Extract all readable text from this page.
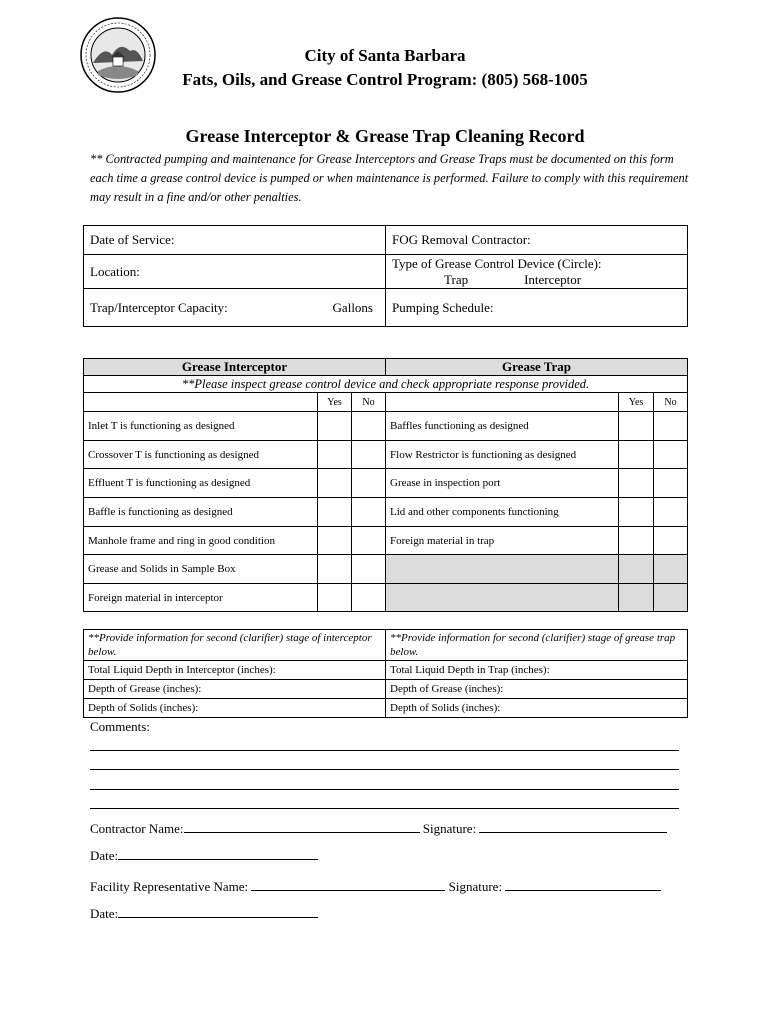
City of Santa Barbara
Fats, Oils, and Grease Control Program: (805) 568-1005
Grease Interceptor & Grease Trap Cleaning Record
** Contracted pumping and maintenance for Grease Interceptors and Grease Traps must be documented on this form each time a grease control device is pumped or when maintenance is performed. Failure to comply with this requirement may result in a fine and/or other penalties.
Date of Service:	FOG Removal Contractor:
Location:	Type of Grease Control Device (Circle):
Trap Interceptor

Trap/Interceptor Capacity: Gallons	Pumping Schedule:
Grease Interceptor			Grease Trap		
**Please inspect grease control device and check appropriate response provided.					
	Yes	No		Yes	No
Inlet T is functioning as designed			Baffles functioning as designed		
Crossover T is functioning as designed			Flow Restrictor is functioning as designed		
Effluent T is functioning as designed			Grease in inspection port		
Baffle is functioning as designed			Lid and other components functioning		
Manhole frame and ring in good condition			Foreign material in trap		
Grease and Solids in Sample Box					
Foreign material in interceptor					
**Provide information for second (clarifier) stage of interceptor below.	**Provide information for second (clarifier) stage of grease trap below.
Total Liquid Depth in Interceptor (inches):	Total Liquid Depth in Trap (inches):
Depth of Grease (inches):	Depth of Grease (inches):
Depth of Solids (inches):	Depth of Solids (inches):
Comments:
Contractor Name:	Signature:
Date:
Facility Representative Name:	Signature:
Date:
